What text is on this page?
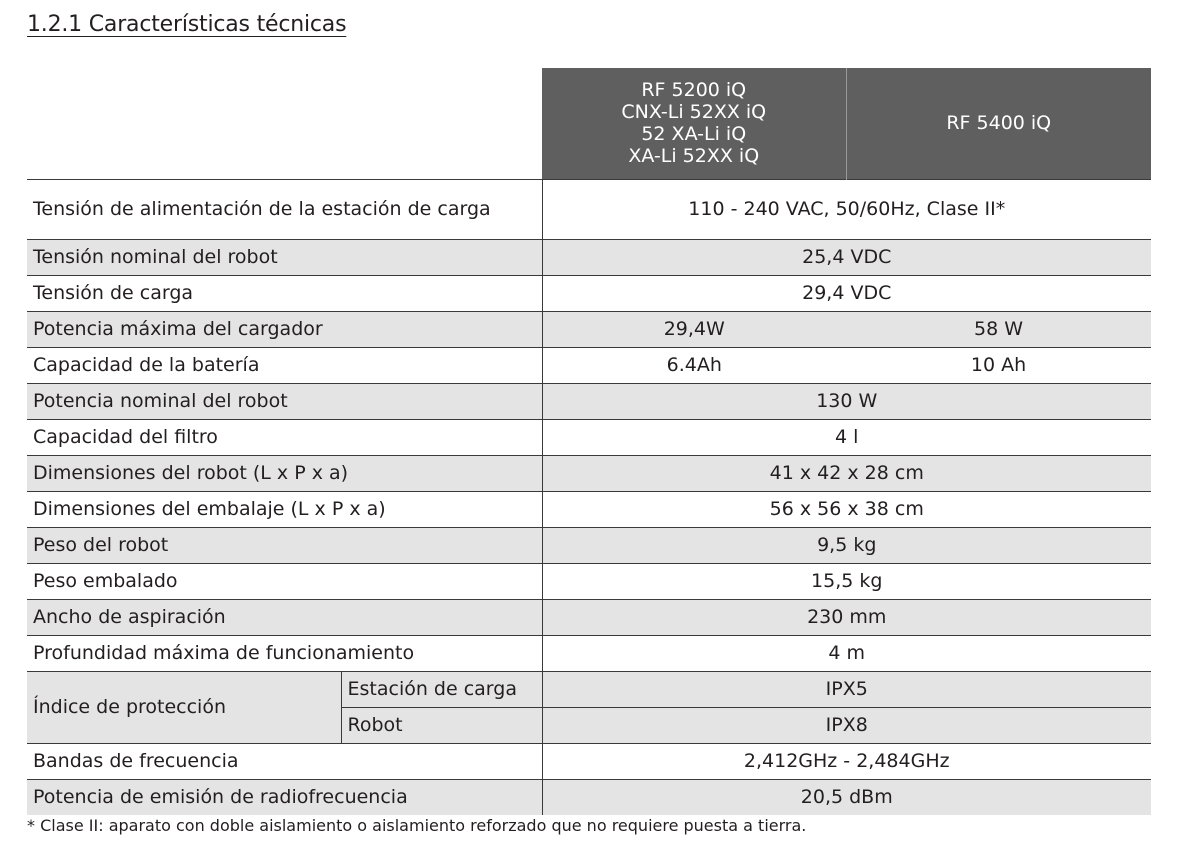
1.2.1 Características técnicas
		RF 5200 iQ
CNX-Li 52XX iQ
52 XA-Li iQ
XA-Li 52XX iQ	RF 5400 iQ
Tensión de alimentación de la estación de carga		110 - 240 VAC, 50/60Hz, Clase II*	
Tensión nominal del robot		25,4 VDC	
Tensión de carga		29,4 VDC	
Potencia máxima del cargador		29,4W	58 W
Capacidad de la batería		6.4Ah	10 Ah
Potencia nominal del robot		130 W	
Capacidad del filtro		4 l	
Dimensiones del robot (L x P x a)		41 x 42 x 28 cm	
Dimensiones del embalaje (L x P x a)		56 x 56 x 38 cm	
Peso del robot		9,5 kg	
Peso embalado		15,5 kg	
Ancho de aspiración		230 mm	
Profundidad máxima de funcionamiento		4 m	
Índice de protección	Estación de carga	IPX5	
	Robot	IPX8	
Bandas de frecuencia		2,412GHz - 2,484GHz	
Potencia de emisión de radiofrecuencia		20,5 dBm	

* Clase II: aparato con doble aislamiento o aislamiento reforzado que no requiere puesta a tierra.
